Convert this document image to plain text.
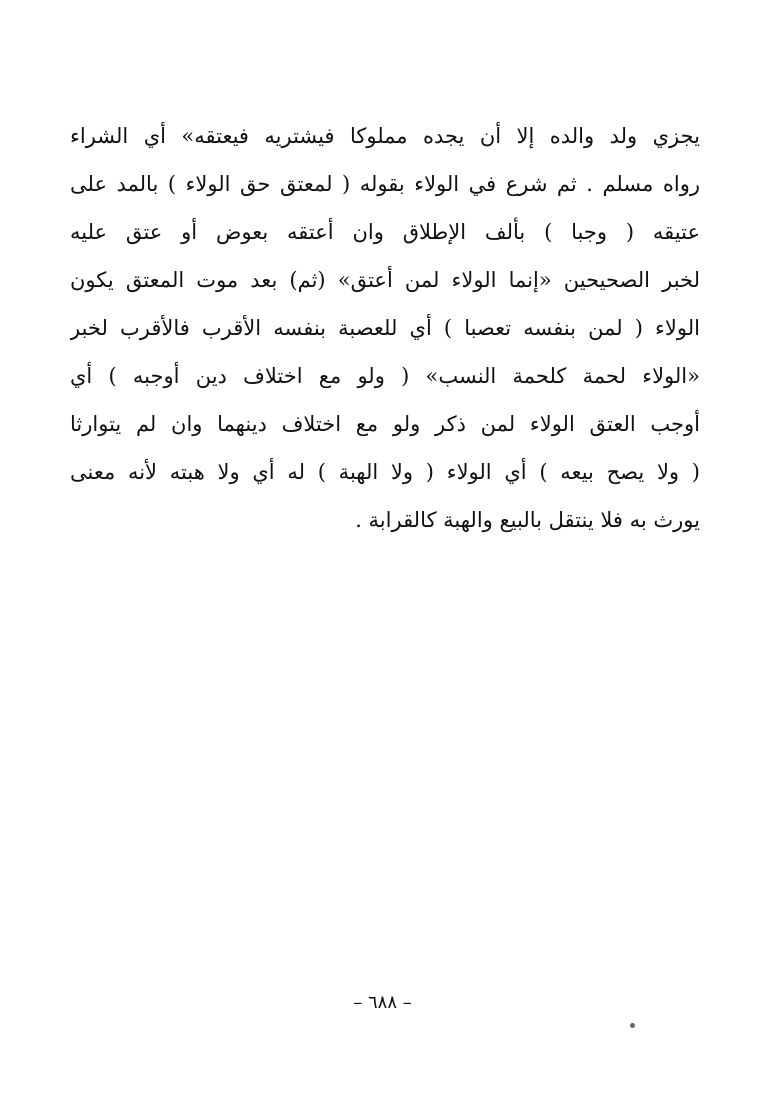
يجزي ولد والده إلا أن يجده مملوكا فيشتريه فيعتقه» أي الشراء
رواه مسلم . ثم شرع في الولاء بقوله ( لمعتق حق الولاء ) بالمد على
عتيقه ( وجبا ) بألف الإطلاق وان أعتقه بعوض أو عتق عليه
لخبر الصحيحين «إنما الولاء لمن أعتق» (ثم) بعد موت المعتق يكون
الولاء ( لمن بنفسه تعصبا ) أي للعصبة بنفسه الأقرب فالأقرب لخبر
«الولاء لحمة كلحمة النسب» ( ولو مع اختلاف دين أوجبه ) أي
أوجب العتق الولاء لمن ذكر ولو مع اختلاف دينهما وان لم يتوارثا
( ولا يصح بيعه ) أي الولاء ( ولا الهبة ) له أي ولا هبته لأنه معنى
يورث به فلا ينتقل بالبيع والهبة كالقرابة .
– ٦٨٨ –
